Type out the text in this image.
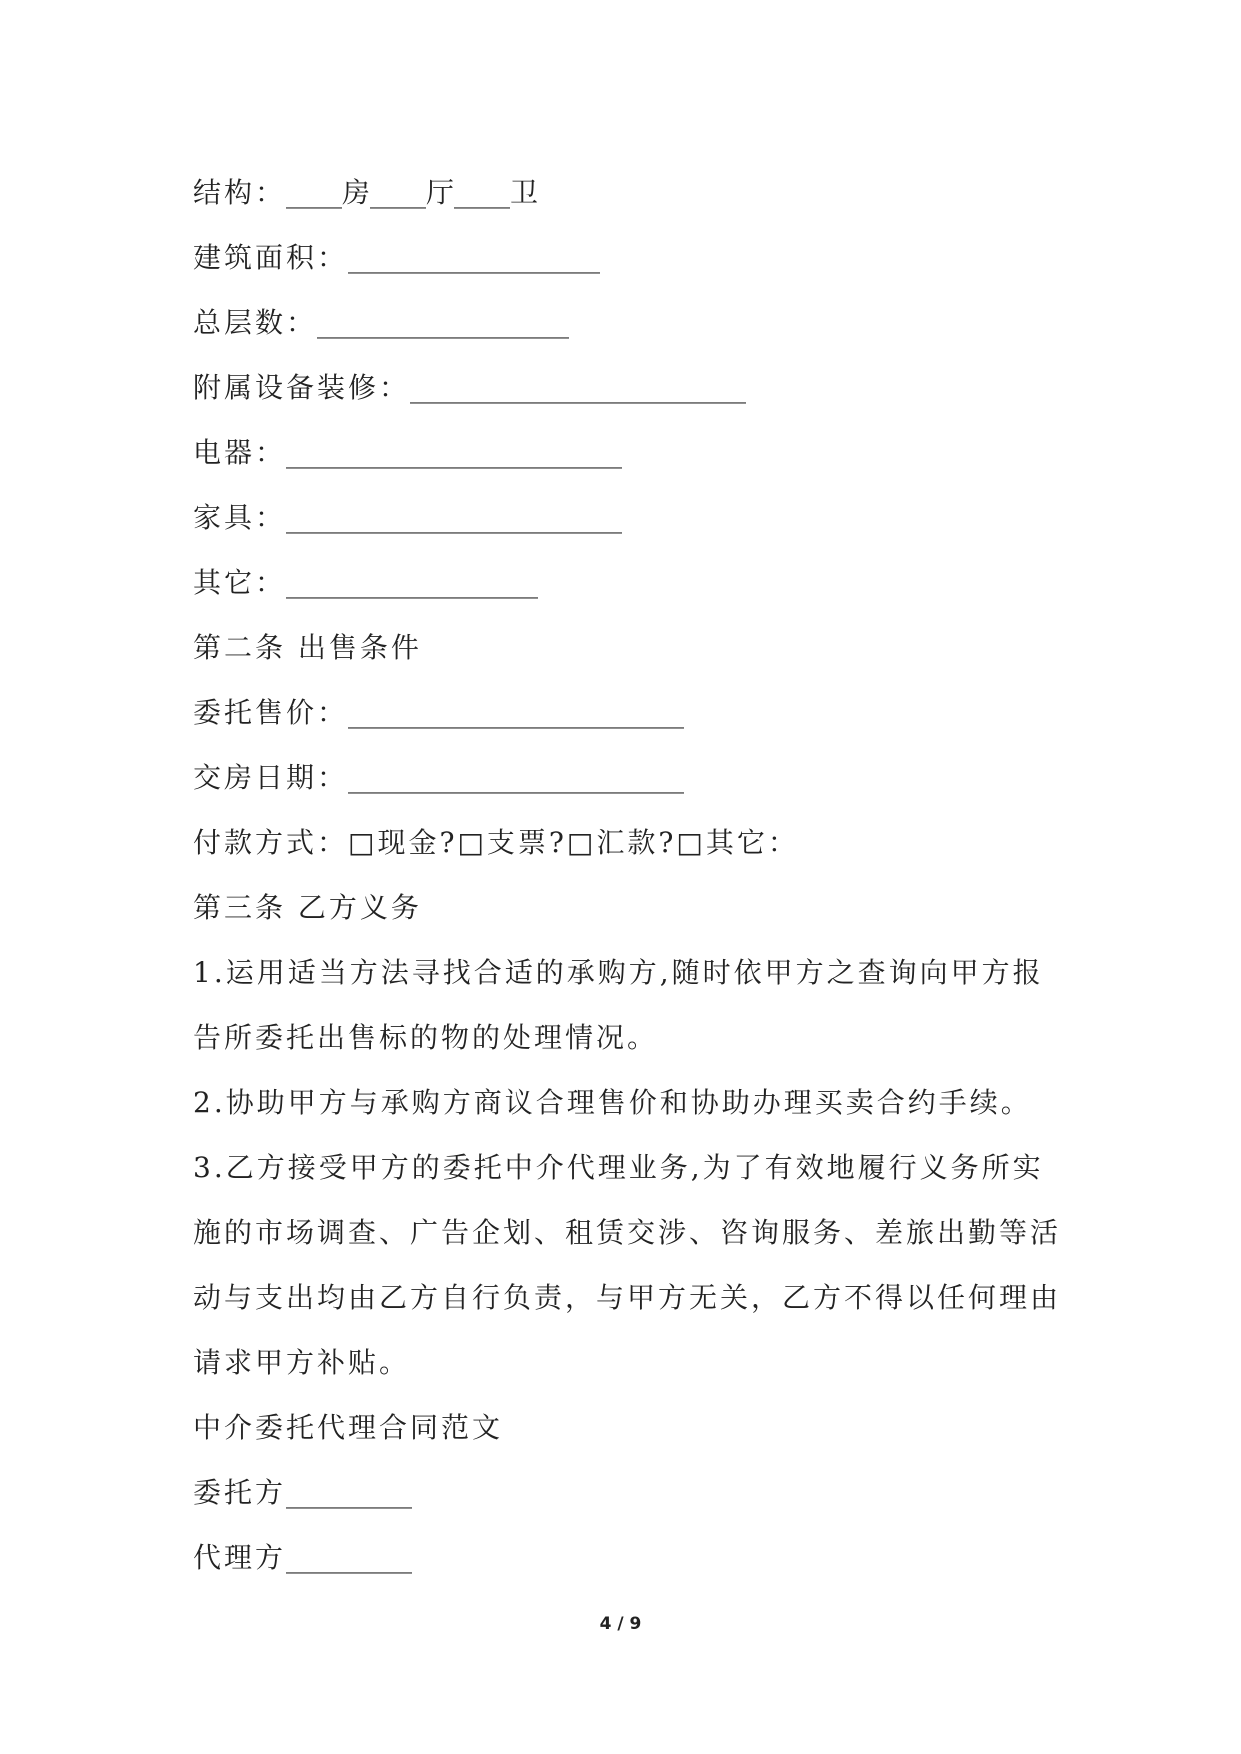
结构：____房____厅____卫
建筑面积：__________________
总层数：__________________
附属设备装修：________________________
电器：________________________
家具：________________________
其它：__________________
第二条 出售条件
委托售价：________________________
交房日期：________________________
付款方式：□现金?□支票?□汇款?□其它：
第三条 乙方义务
1.运用适当方法寻找合适的承购方,随时依甲方之查询向甲方报告所委托出售标的物的处理情况。
2.协助甲方与承购方商议合理售价和协助办理买卖合约手续。
3.乙方接受甲方的委托中介代理业务,为了有效地履行义务所实施的市场调查、广告企划、租赁交涉、咨询服务、差旅出勤等活动与支出均由乙方自行负责，与甲方无关，乙方不得以任何理由请求甲方补贴。
中介委托代理合同范文
委托方_________
代理方_________
4 / 9
